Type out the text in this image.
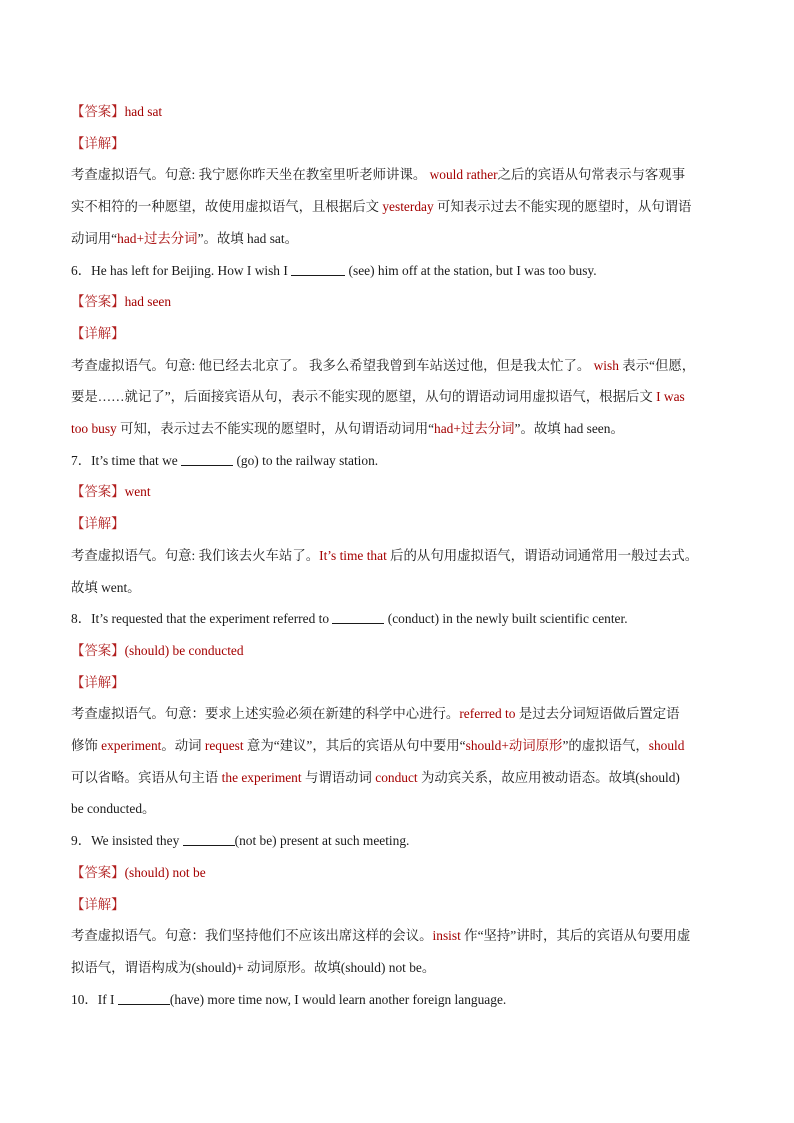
【答案】had sat
【详解】
考查虚拟语气。句意: 我宁愿你昨天坐在教室里听老师讲课。 would rather之后的宾语从句常表示与客观事
实不相符的一种愿望，故使用虚拟语气，且根据后文 yesterday 可知表示过去不能实现的愿望时，从句谓语
动词用“had+过去分词”。故填 had sat。
6．He has left for Beijing. How I wish I	(see) him off at the station, but I was too busy.
【答案】had seen
【详解】
考查虚拟语气。句意: 他已经去北京了。 我多么希望我曾到车站送过他，但是我太忙了。 wish 表示“但愿，
要是……就记了”，后面接宾语从句，表示不能实现的愿望，从句的谓语动词用虚拟语气，根据后文 I was
too busy 可知，表示过去不能实现的愿望时，从句谓语动词用“had+过去分词”。故填 had seen。
7．It’s time that we	(go) to the railway station.
【答案】went
【详解】
考查虚拟语气。句意: 我们该去火车站了。It’s time that 后的从句用虚拟语气，谓语动词通常用一般过去式。
故填 went。
8．It’s requested that the experiment referred to	(conduct) in the newly built scientific center.
【答案】(should) be conducted
【详解】
考查虚拟语气。句意：要求上述实验必须在新建的科学中心进行。referred to 是过去分词短语做后置定语
修饰 experiment。动词 request 意为“建议”，其后的宾语从句中要用“should+动词原形”的虚拟语气，should
可以省略。宾语从句主语 the experiment 与谓语动词 conduct 为动宾关系，故应用被动语态。故填(should)
be conducted。
9．We insisted they	(not be) present at such meeting.
【答案】(should) not be
【详解】
考查虚拟语气。句意：我们坚持他们不应该出席这样的会议。insist 作“坚持”讲时，其后的宾语从句要用虚
拟语气，谓语构成为(should)+ 动词原形。故填(should) not be。
10．If I	(have) more time now, I would learn another foreign language.
